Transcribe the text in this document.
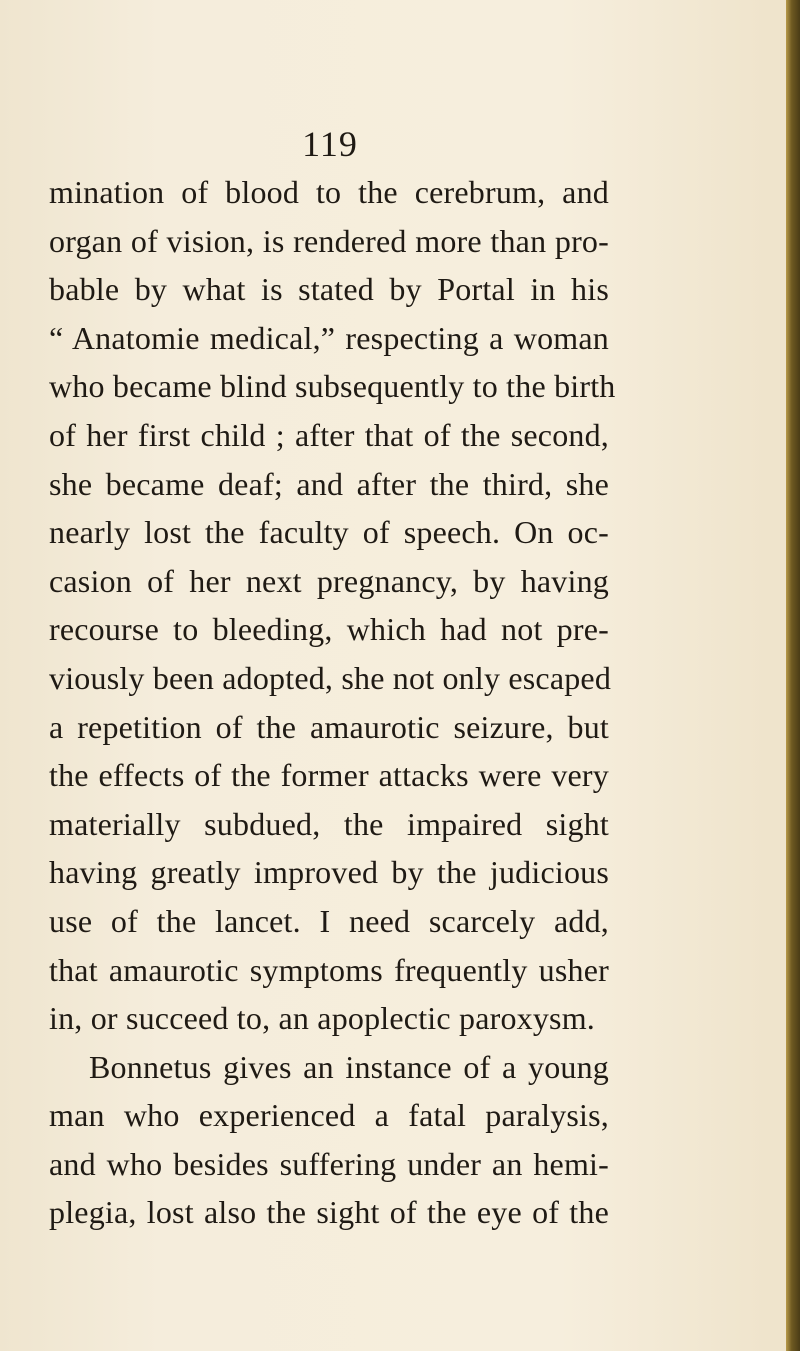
119
mination of blood to the cerebrum, and
organ of vision, is rendered more than pro-
bable by what is stated by Portal in his
“ Anatomie medical,” respecting a woman
who became blind subsequently to the birth
of her first child ; after that of the second,
she became deaf; and after the third, she
nearly lost the faculty of speech. On oc-
casion of her next pregnancy, by having
recourse to bleeding, which had not pre-
viously been adopted, she not only escaped
a repetition of the amaurotic seizure, but
the effects of the former attacks were very
materially subdued, the impaired sight
having greatly improved by the judicious
use of the lancet. I need scarcely add,
that amaurotic symptoms frequently usher
in, or succeed to, an apoplectic paroxysm.
Bonnetus gives an instance of a young
man who experienced a fatal paralysis,
and who besides suffering under an hemi-
plegia, lost also the sight of the eye of the
